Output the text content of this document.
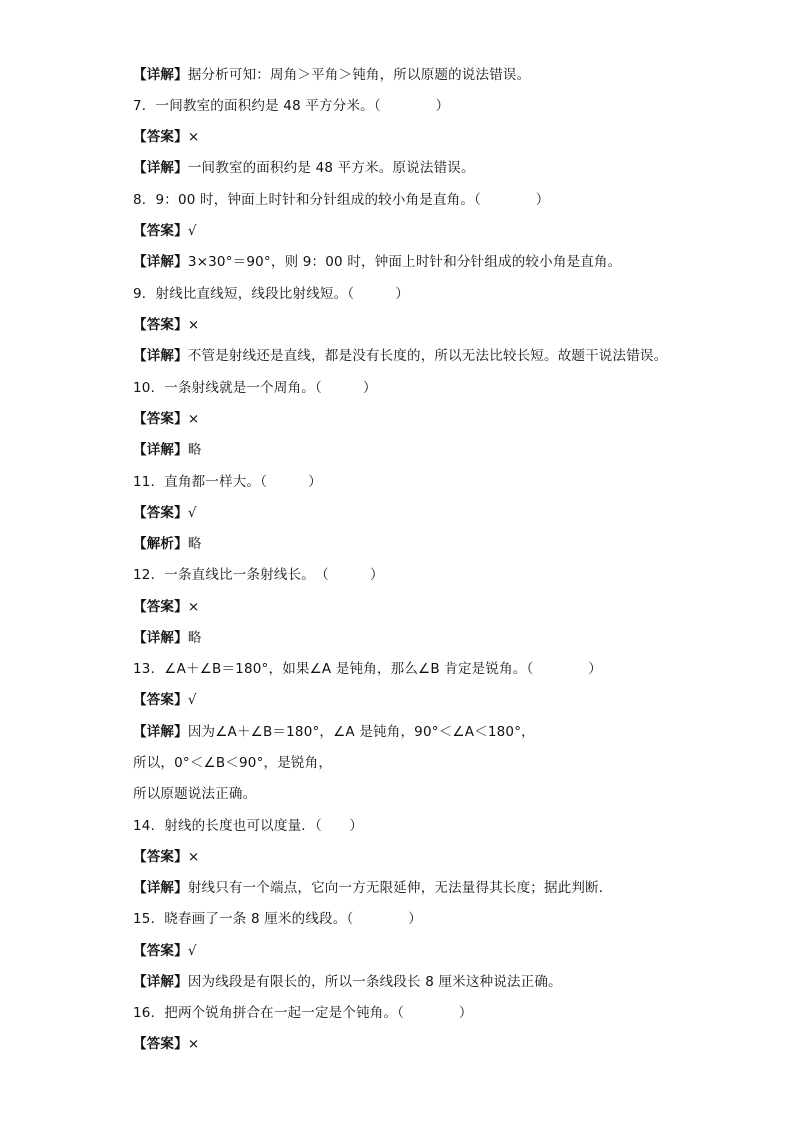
【详解】据分析可知：周角＞平角＞钝角，所以原题的说法错误。
7．一间教室的面积约是 48 平方分米。（　　　　）
【答案】×
【详解】一间教室的面积约是 48 平方米。原说法错误。
8．9：00 时，钟面上时针和分针组成的较小角是直角。（　　　　）
【答案】√
【详解】3×30°＝90°，则 9：00 时，钟面上时针和分针组成的较小角是直角。
9．射线比直线短，线段比射线短。（　　　）
【答案】×
【详解】不管是射线还是直线，都是没有长度的，所以无法比较长短。故题干说法错误。
10．一条射线就是一个周角。（　　　）
【答案】×
【详解】略
11．直角都一样大。（　　　）
【答案】√
【解析】略
12．一条直线比一条射线长。　（　　　）
【答案】×
【详解】略
13．∠A＋∠B＝180°，如果∠A 是钝角，那么∠B 肯定是锐角。（　　　　）
【答案】√
【详解】因为∠A＋∠B＝180°，∠A 是钝角，90°＜∠A＜180°，
所以，0°＜∠B＜90°，是锐角，
所以原题说法正确。
14．射线的长度也可以度量．（　　）
【答案】×
【详解】射线只有一个端点，它向一方无限延伸，无法量得其长度；据此判断．
15．晓春画了一条 8 厘米的线段。（　　　　）
【答案】√
【详解】因为线段是有限长的，所以一条线段长 8 厘米这种说法正确。
16．把两个锐角拼合在一起一定是个钝角。（　　　　）
【答案】×
